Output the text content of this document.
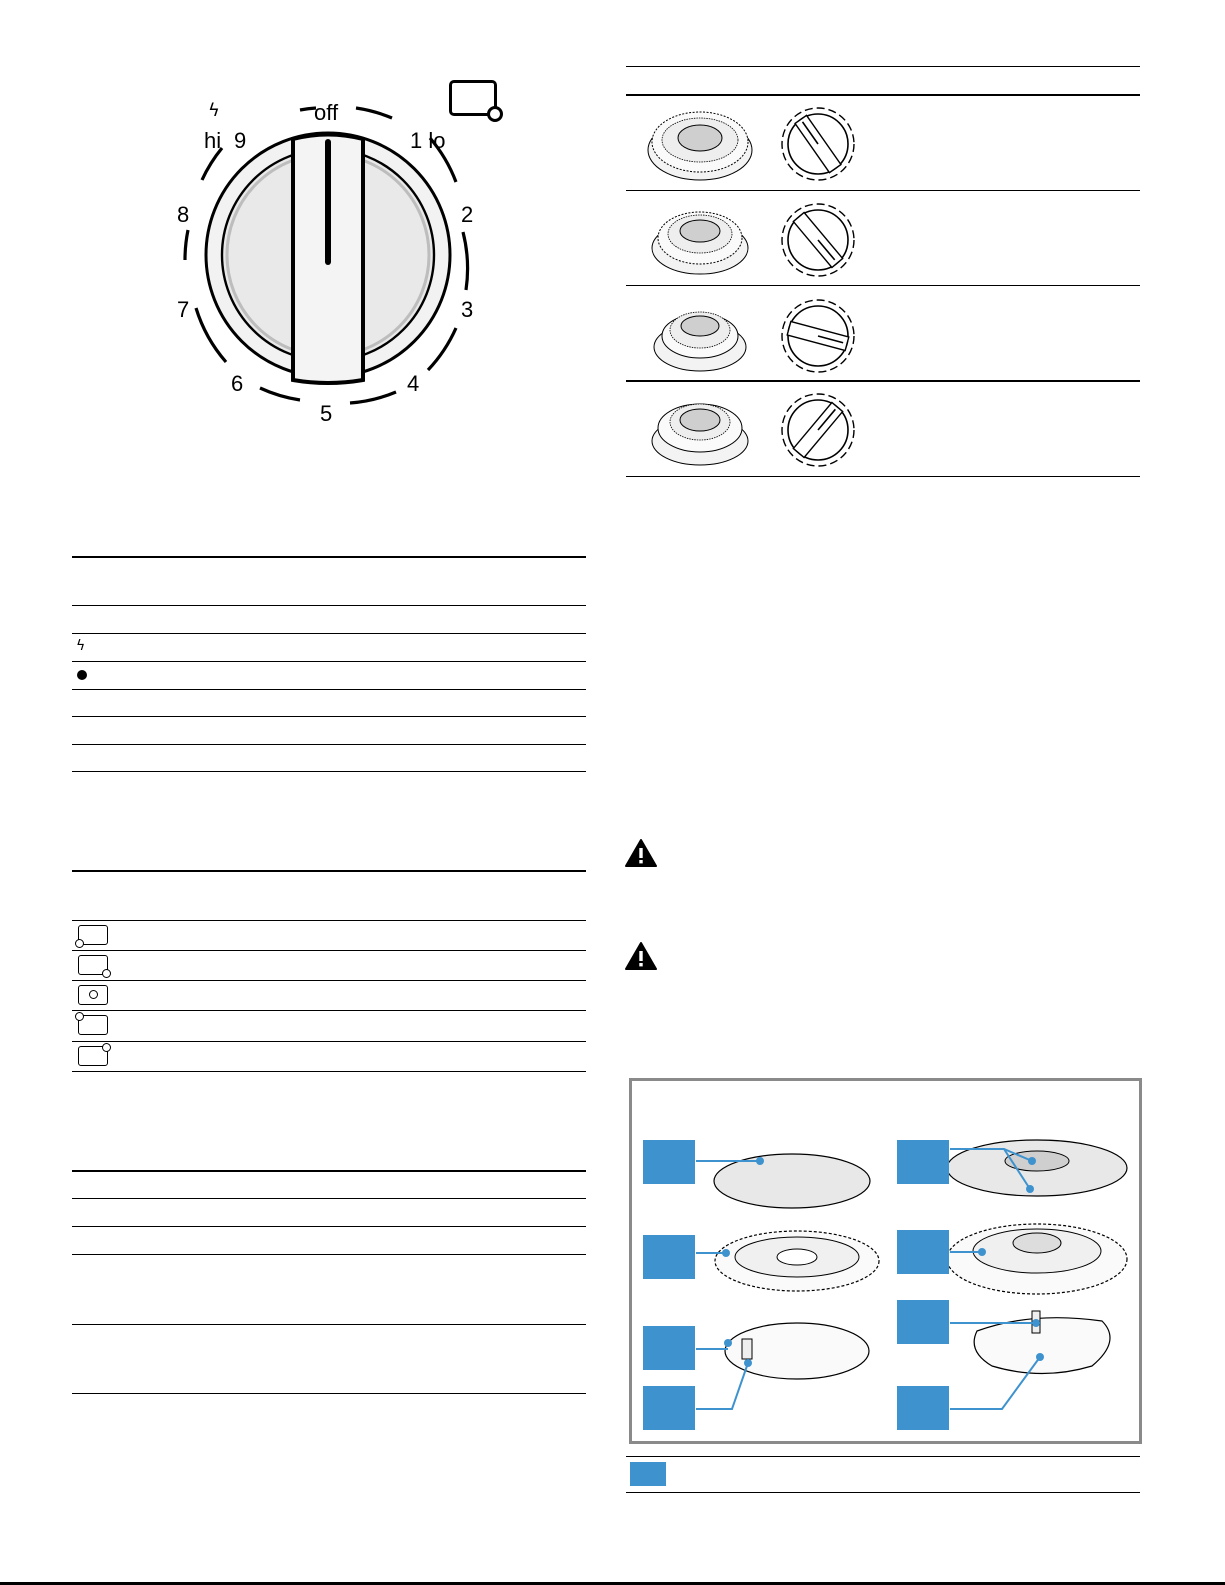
ϟ	off
hi 9	1 lo
2
3
4
5
6
7
8
ϟ
